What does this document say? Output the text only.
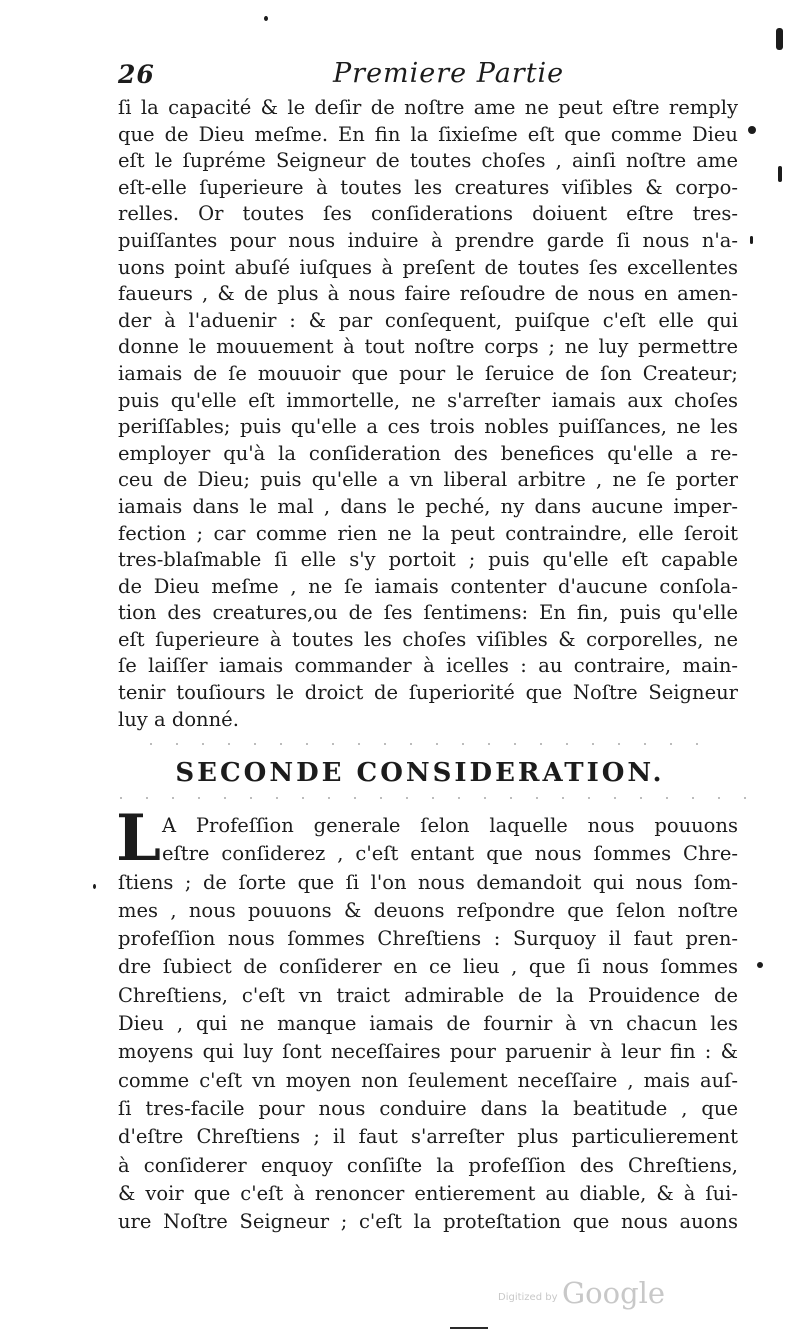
26	Premiere Partie
ſi la capacité & le deſir de noſtre ame ne peut eſtre remply
que de Dieu meſme. En fin la ſixieſme eſt que comme Dieu
eſt le ſupréme Seigneur de toutes choſes , ainſi noſtre ame
eſt-elle ſuperieure à toutes les creatures viſibles & corpo-
relles. Or toutes ſes conſiderations doiuent eſtre tres-
puiſſantes pour nous induire à prendre garde ſi nous n'a-
uons point abuſé iuſques à preſent de toutes ſes excellentes
faueurs , & de plus à nous faire reſoudre de nous en amen-
der à l'aduenir : & par conſequent, puiſque c'eſt elle qui
donne le mouuement à tout noſtre corps ; ne luy permettre
iamais de ſe mouuoir que pour le ſeruice de ſon Createur;
puis qu'elle eſt immortelle, ne s'arreſter iamais aux choſes
periſſables; puis qu'elle a ces trois nobles puiſſances, ne les
employer qu'à la conſideration des benefices qu'elle a re-
ceu de Dieu; puis qu'elle a vn liberal arbitre , ne ſe porter
iamais dans le mal , dans le peché, ny dans aucune imper-
fection ; car comme rien ne la peut contraindre, elle ſeroit
tres-blaſmable ſi elle s'y portoit ; puis qu'elle eſt capable
de Dieu meſme , ne ſe iamais contenter d'aucune conſola-
tion des creatures,ou de ſes ſentimens: En fin, puis qu'elle
eſt ſuperieure à toutes les choſes viſibles & corporelles, ne
ſe laiſſer iamais commander à icelles : au contraire, main-
tenir touſiours le droict de ſuperiorité que Noſtre Seigneur
luy a donné.
SECONDE CONSIDERATION.
L A Profeſſion generale ſelon laquelle nous pouuons
eſtre conſiderez , c'eſt entant que nous ſommes Chre-
ſtiens ; de ſorte que ſi l'on nous demandoit qui nous ſom-
mes , nous pouuons & deuons reſpondre que ſelon noſtre
profeſſion nous ſommes Chreſtiens : Surquoy il faut pren-
dre ſubiect de conſiderer en ce lieu , que ſi nous ſommes
Chreſtiens, c'eſt vn traict admirable de la Prouidence de
Dieu , qui ne manque iamais de fournir à vn chacun les
moyens qui luy ſont neceſſaires pour paruenir à leur fin : &
comme c'eſt vn moyen non ſeulement neceſſaire , mais auſ-
ſi tres-facile pour nous conduire dans la beatitude , que
d'eſtre Chreſtiens ; il faut s'arreſter plus particulierement
à conſiderer enquoy conſiſte la profeſſion des Chreſtiens,
& voir que c'eſt à renoncer entierement au diable, & à ſui-
ure Noſtre Seigneur ; c'eſt la proteſtation que nous auons
Digitized by Google
